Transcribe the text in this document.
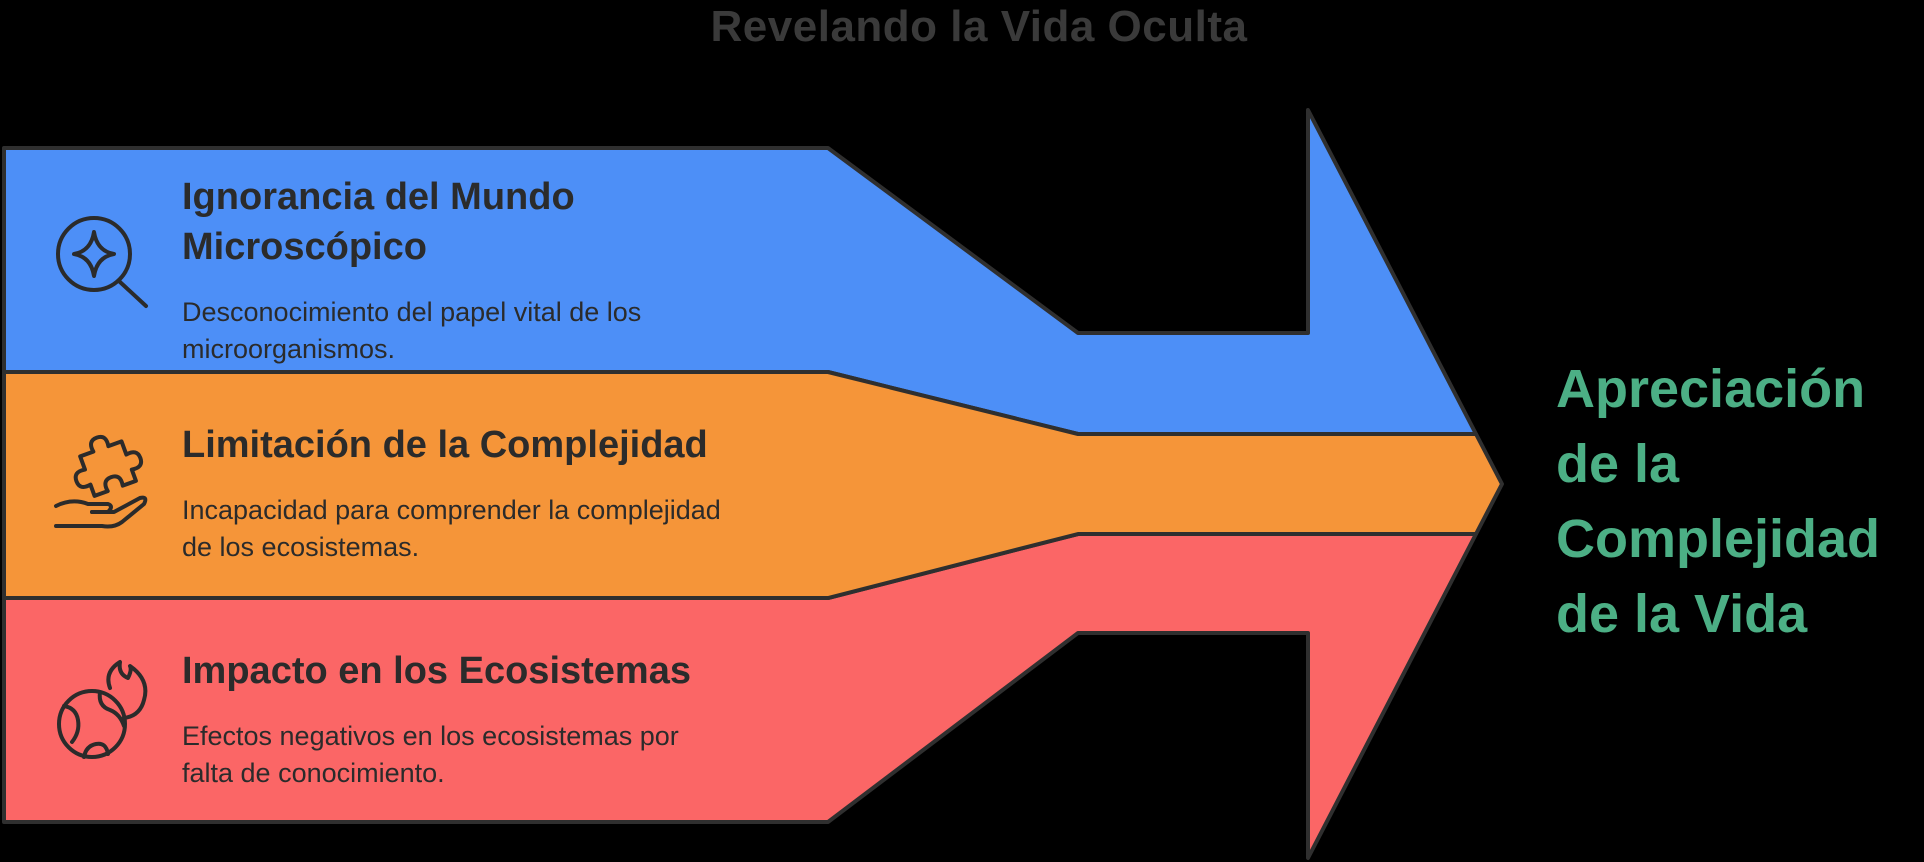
Revelando la Vida Oculta
Ignorancia del Mundo
Microscópico
Desconocimiento del papel vital de los
microorganismos.
Limitación de la Complejidad
Incapacidad para comprender la complejidad
de los ecosistemas.
Impacto en los Ecosistemas
Efectos negativos en los ecosistemas por
falta de conocimiento.
Apreciación
de la
Complejidad
de la Vida
